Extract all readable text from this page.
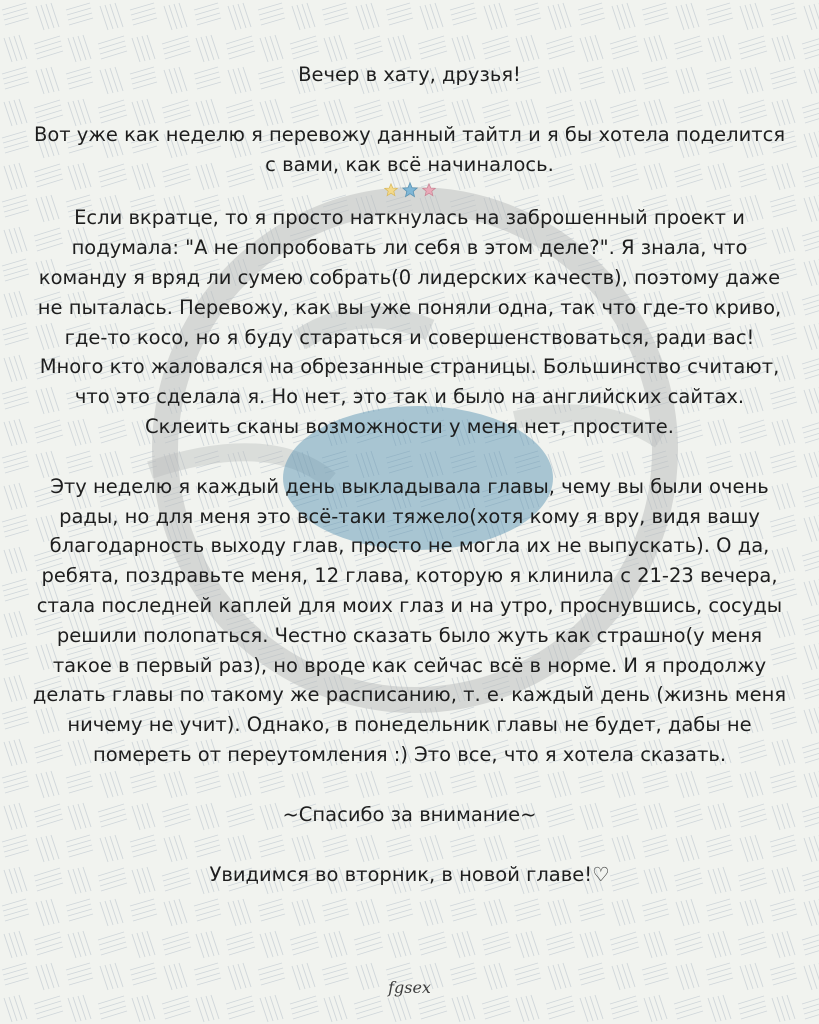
Вечер в хату, друзья!

Вот уже как неделю я перевожу данный тайтл и я бы хотела поделится с вами, как всё начиналось.

Если вкратце, то я просто наткнулась на заброшенный проект и подумала: "А не попробовать ли себя в этом деле?". Я знала, что команду я вряд ли сумею собрать(0 лидерских качеств), поэтому даже не пыталась. Перевожу, как вы уже поняли одна, так что где-то криво, где-то косо, но я буду стараться и совершенствоваться, ради вас! Много кто жаловался на обрезанные страницы. Большинство считают, что это сделала я. Но нет, это так и было на английских сайтах. Склеить сканы возможности у меня нет, простите.

Эту неделю я каждый день выкладывала главы, чему вы были очень рады, но для меня это всё-таки тяжело(хотя кому я вру, видя вашу благодарность выходу глав, просто не могла их не выпускать). О да, ребята, поздравьте меня, 12 глава, которую я клинила с 21-23 вечера, стала последней каплей для моих глаз и на утро, проснувшись, сосуды решили полопаться. Честно сказать было жуть как страшно(у меня такое в первый раз), но вроде как сейчас всё в норме. И я продолжу делать главы по такому же расписанию, т. е. каждый день (жизнь меня ничему не учит). Однако, в понедельник главы не будет, дабы не помереть от переутомления :) Это все, что я хотела сказать.

~Спасибо за внимание~

Увидимся во вторник, в новой главе!♡

fgsex
